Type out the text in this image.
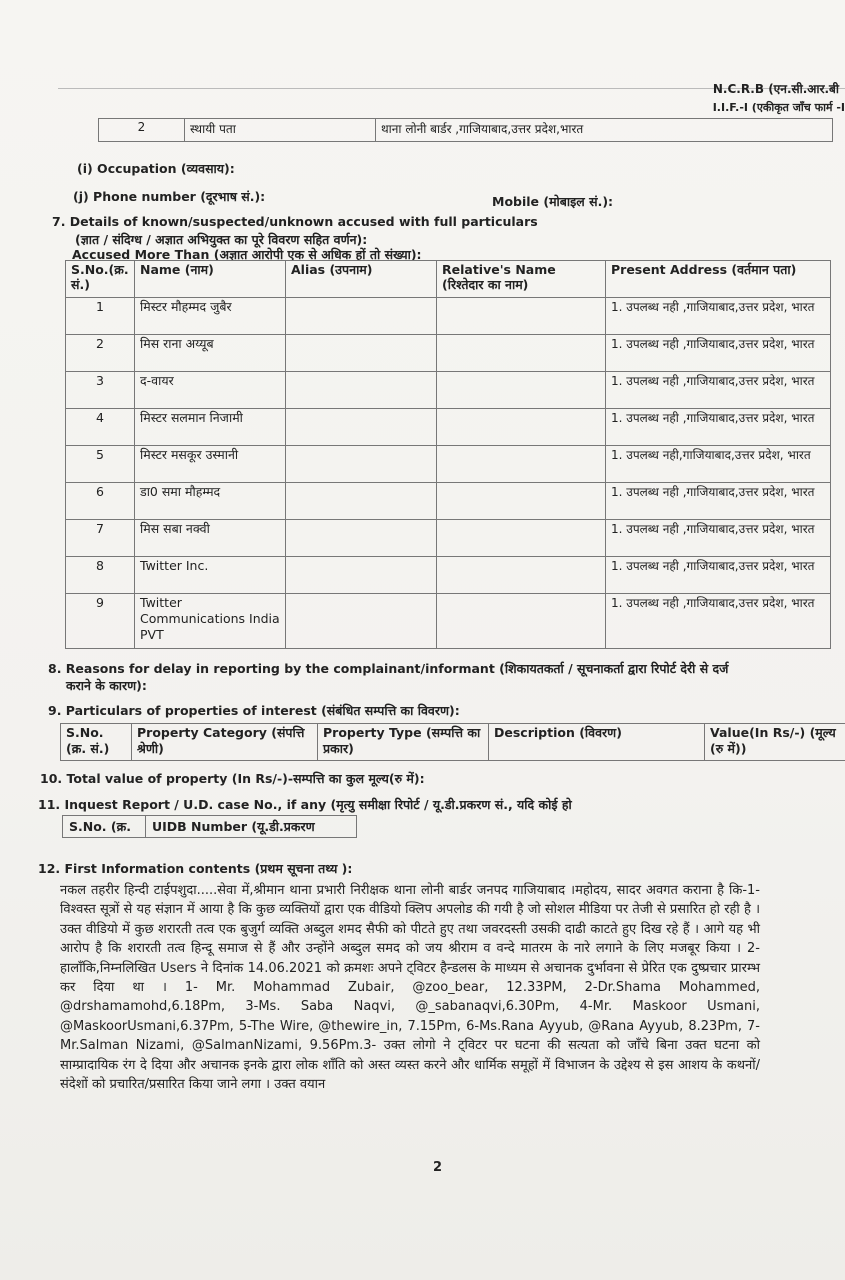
N.C.R.B (एन.सी.आर.बी
I.I.F.-I (एकीकृत जाँच फार्म -I
2	स्थायी पता	थाना लोनी बार्डर ,गाजियाबाद,उत्तर प्रदेश,भारत
(i) Occupation (व्यवसाय):
(j) Phone number (दूरभाष सं.):	Mobile (मोबाइल सं.):
7. Details of known/suspected/unknown accused with full particulars
(ज्ञात / संदिग्ध / अज्ञात अभियुक्त का पूरे विवरण सहित वर्णन):
Accused More Than (अज्ञात आरोपी एक से अधिक हों तो संख्या):
S.No.(क्र. सं.)	Name (नाम)	Alias (उपनाम)	Relative's Name (रिश्तेदार का नाम)	Present Address (वर्तमान पता)
1	मिस्टर मौहम्मद जुबैर			1. उपलब्ध नही ,गाजियाबाद,उत्तर प्रदेश, भारत
2	मिस राना अय्यूब			1. उपलब्ध नही ,गाजियाबाद,उत्तर प्रदेश, भारत
3	द-वायर			1. उपलब्ध नही ,गाजियाबाद,उत्तर प्रदेश, भारत
4	मिस्टर सलमान निजामी			1. उपलब्ध नही ,गाजियाबाद,उत्तर प्रदेश, भारत
5	मिस्टर मसकूर उस्मानी			1. उपलब्ध नही,गाजियाबाद,उत्तर प्रदेश, भारत
6	डा0 समा मौहम्मद			1. उपलब्ध नही ,गाजियाबाद,उत्तर प्रदेश, भारत
7	मिस सबा नक्वी			1. उपलब्ध नही ,गाजियाबाद,उत्तर प्रदेश, भारत
8	Twitter Inc.			1. उपलब्ध नही ,गाजियाबाद,उत्तर प्रदेश, भारत
9	Twitter Communications India PVT			1. उपलब्ध नही ,गाजियाबाद,उत्तर प्रदेश, भारत
8. Reasons for delay in reporting by the complainant/informant (शिकायतकर्ता / सूचनाकर्ता द्वारा रिपोर्ट देरी से दर्ज
कराने के कारण):
9. Particulars of properties of interest (संबंधित सम्पत्ति का विवरण):
S.No. (क्र. सं.)	Property Category (संपत्ति श्रेणी)	Property Type (सम्पत्ति का प्रकार)	Description (विवरण)	Value(In Rs/-) (मूल्य (रु में))
10. Total value of property (In Rs/-)-सम्पत्ति का कुल मूल्य(रु में):
11. Inquest Report / U.D. case No., if any (मृत्यु समीक्षा रिपोर्ट / यू.डी.प्रकरण सं., यदि कोई हो
S.No. (क्र.	UIDB Number (यू.डी.प्रकरण
12. First Information contents (प्रथम सूचना तथ्य ):
नकल तहरीर हिन्दी टाईपशुदा.....सेवा में,श्रीमान थाना प्रभारी निरीक्षक थाना लोनी बार्डर जनपद गाजियाबाद ।महोदय, सादर अवगत कराना है कि-1-विश्वस्त सूत्रों से यह संज्ञान में आया है कि कुछ व्यक्तियों द्वारा एक वीडियो क्लिप अपलोड की गयी है जो सोशल मीडिया पर तेजी से प्रसारित हो रही है । उक्त वीडियो में कुछ शरारती तत्व एक बुजुर्ग व्यक्ति अब्दुल शमद सैफी को पीटते हुए तथा जवरदस्ती उसकी दाढी काटते हुए दिख रहे हैं । आगे यह भी आरोप है कि शरारती तत्व हिन्दू समाज से हैं और उन्होंने अब्दुल समद को जय श्रीराम व वन्दे मातरम के नारे लगाने के लिए मजबूर किया । 2- हालाँकि,निम्नलिखित Users ने दिनांक 14.06.2021 को क्रमशः अपने ट्विटर हैन्डलस के माध्यम से अचानक दुर्भावना से प्रेरित एक दुष्प्रचार प्रारम्भ कर दिया था । 1- Mr. Mohammad Zubair, @zoo_bear, 12.33PM, 2-Dr.Shama Mohammed, @drshamamohd,6.18Pm, 3-Ms. Saba Naqvi, @_sabanaqvi,6.30Pm, 4-Mr. Maskoor Usmani, @MaskoorUsmani,6.37Pm, 5-The Wire, @thewire_in, 7.15Pm, 6-Ms.Rana Ayyub, @Rana Ayyub, 8.23Pm, 7-Mr.Salman Nizami, @SalmanNizami, 9.56Pm.3- उक्त लोगो ने ट्विटर पर घटना की सत्यता को जाँचे बिना उक्त घटना को साम्प्रादायिक रंग दे दिया और अचानक इनके द्वारा लोक शाँति को अस्त व्यस्त करने और धार्मिक समूहों में विभाजन के उद्देश्य से इस आशय के कथनों/संदेशों को प्रचारित/प्रसारित किया जाने लगा । उक्त वयान
2
